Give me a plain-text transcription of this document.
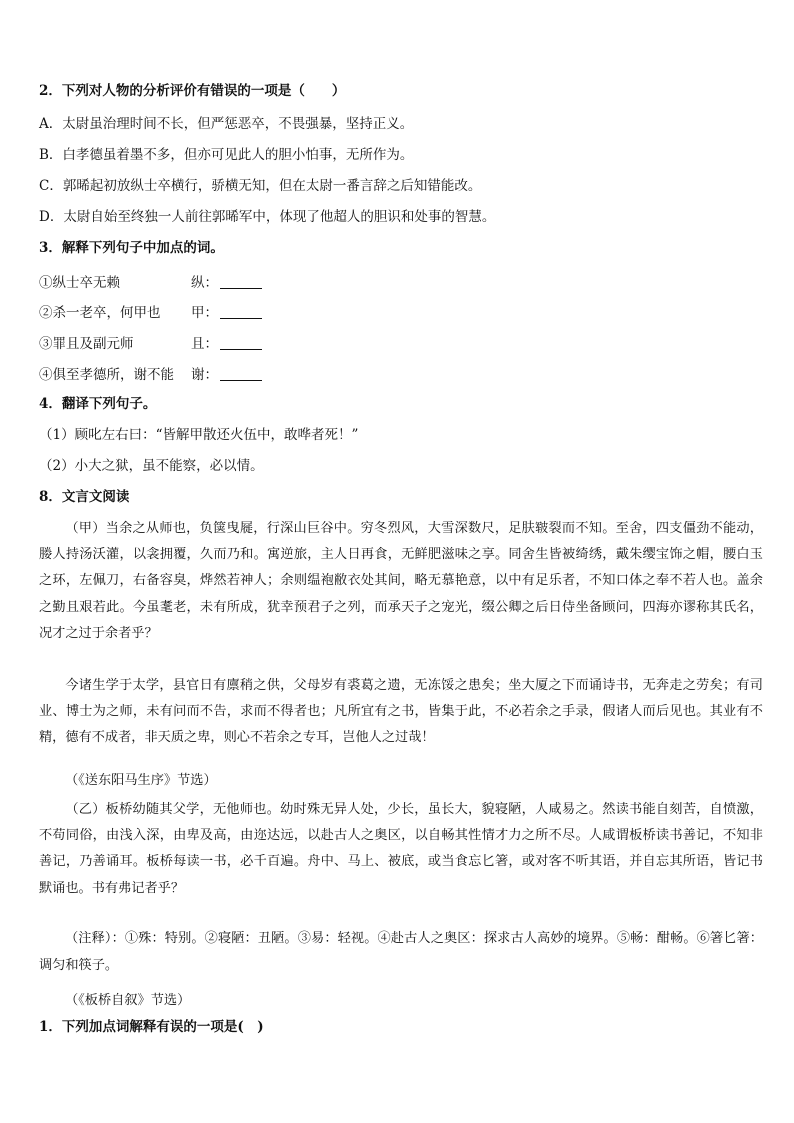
2．下列对人物的分析评价有错误的一项是（　　）
A．太尉虽治理时间不长，但严惩恶卒，不畏强暴，坚持正义。
B．白孝德虽着墨不多，但亦可见此人的胆小怕事，无所作为。
C．郭晞起初放纵士卒横行，骄横无知，但在太尉一番言辞之后知错能改。
D．太尉自始至终独一人前往郭晞军中，体现了他超人的胆识和处事的智慧。
3．解释下列句子中加点的词。
①纵士卒无赖	纵：
②杀一老卒，何甲也 甲：
③罪且及副元师	且：
④俱至孝德所，谢不能 谢：
4．翻译下列句子。
（1）顾叱左右曰：“皆解甲散还火伍中，敢哗者死！”
（2）小大之狱，虽不能察，必以情。
8．文言文阅读
（甲）当余之从师也，负箧曳屣，行深山巨谷中。穷冬烈风，大雪深数尺，足肤皲裂而不知。至舍，四支僵劲不能动，媵人持汤沃灌，以衾拥覆，久而乃和。寓逆旅，主人日再食，无鲜肥滋味之享。同舍生皆被绮绣，戴朱缨宝饰之帽，腰白玉之环，左佩刀，右备容臭，烨然若神人；余则缊袍敝衣处其间，略无慕艳意，以中有足乐者，不知口体之奉不若人也。盖余之勤且艰若此。今虽耄老，未有所成，犹幸预君子之列，而承天子之宠光，缀公卿之后日侍坐备顾问，四海亦谬称其氏名，况才之过于余者乎？
今诸生学于太学，县官日有廪稍之供，父母岁有裘葛之遗，无冻馁之患矣；坐大厦之下而诵诗书，无奔走之劳矣；有司业、博士为之师，未有问而不告，求而不得者也；凡所宜有之书，皆集于此，不必若余之手录，假诸人而后见也。其业有不精，德有不成者，非天质之卑，则心不若余之专耳，岂他人之过哉！
（《送东阳马生序》节选）
（乙）板桥幼随其父学，无他师也。幼时殊无异人处，少长，虽长大，貌寝陋，人咸易之。然读书能自刻苦，自愤激，不苟同俗，由浅入深，由卑及高，由迩达远，以赴古人之奥区，以自畅其性情才力之所不尽。人咸谓板桥读书善记，不知非善记，乃善诵耳。板桥每读一书，必千百遍。舟中、马上、被底，或当食忘匕箸，或对客不听其语，并自忘其所语，皆记书默诵也。书有弗记者乎？
（注释）：①殊：特别。②寝陋：丑陋。③易：轻视。④赴古人之奥区：探求古人高妙的境界。⑤畅：酣畅。⑥箸匕箸：调匀和筷子。
（《板桥自叙》节选）
1．下列加点词解释有误的一项是(　)
